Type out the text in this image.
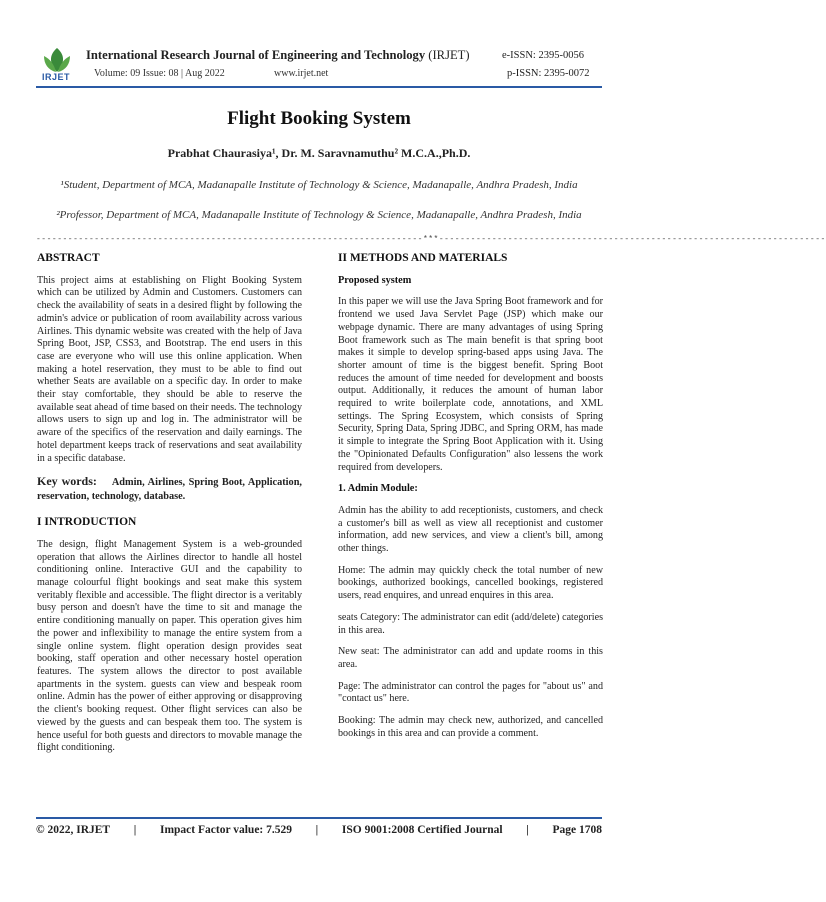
IRJET
International Research Journal of Engineering and Technology (IRJET)	e-ISSN: 2395-0056
Volume: 09 Issue: 08 | Aug 2022	www.irjet.net	p-ISSN: 2395-0072
Flight Booking System
Prabhat Chaurasiya¹, Dr. M. Saravnamuthu² M.C.A.,Ph.D.
¹Student, Department of MCA, Madanapalle Institute of Technology & Science, Madanapalle, Andhra Pradesh, India
²Professor, Department of MCA, Madanapalle Institute of Technology & Science, Madanapalle, Andhra Pradesh, India
-------------------------------------------------------------------------***-------------------------------------------------------------------------
ABSTRACT
This project aims at establishing on Flight Booking System which can be utilized by Admin and Customers. Customers can check the availability of seats in a desired flight by following the admin's advice or publication of room availability across various Airlines. This dynamic website was created with the help of Java Spring Boot, JSP, CSS3, and Bootstrap. The end users in this case are everyone who will use this online application. When making a hotel reservation, they must to be able to find out whether Seats are available on a specific day. In order to make their stay comfortable, they should be able to reserve the available seat ahead of time based on their needs. The technology allows users to sign up and log in. The administrator will be aware of the specifics of the reservation and daily earnings. The hotel department keeps track of reservations and seat availability in a specific database.
Key words: Admin, Airlines, Spring Boot, Application, reservation, technology, database.
I INTRODUCTION
The design, flight Management System is a web-grounded operation that allows the Airlines director to handle all hostel conditioning online. Interactive GUI and the capability to manage colourful flight bookings and seat make this system veritably flexible and accessible. The flight director is a veritably busy person and doesn't have the time to sit and manage the entire conditioning manually on paper. This operation gives him the power and inflexibility to manage the entire system from a single online system. flight operation design provides seat booking, staff operation and other necessary hostel operation features. The system allows the director to post available apartments in the system. guests can view and bespeak room online. Admin has the power of either approving or disapproving the client's booking request. Other flight services can also be viewed by the guests and can bespeak them too. The system is hence useful for both guests and directors to movable manage the flight conditioning.
II METHODS AND MATERIALS
Proposed system
In this paper we will use the Java Spring Boot framework and for frontend we used Java Servlet Page (JSP) which make our webpage dynamic. There are many advantages of using Spring Boot framework such as The main benefit is that spring boot makes it simple to develop spring-based apps using Java. The shorter amount of time is the biggest benefit. Spring Boot reduces the amount of time needed for development and boosts output. Additionally, it reduces the amount of human labor required to write boilerplate code, annotations, and XML settings. The Spring Ecosystem, which consists of Spring Security, Spring Data, Spring JDBC, and Spring ORM, has made it simple to integrate the Spring Boot Application with it. Using the "Opinionated Defaults Configuration" also lessens the work required from developers.
1. Admin Module:
Admin has the ability to add receptionists, customers, and check a customer's bill as well as view all receptionist and customer information, add new services, and view a client's bill, among other things.
Home: The admin may quickly check the total number of new bookings, authorized bookings, cancelled bookings, registered users, read enquires, and unread enquires in this area.
seats Category: The administrator can edit (add/delete) categories in this area.
New seat: The administrator can add and update rooms in this area.
Page: The administrator can control the pages for "about us" and "contact us" here.
Booking: The admin may check new, authorized, and cancelled bookings in this area and can provide a comment.
© 2022, IRJET | Impact Factor value: 7.529 | ISO 9001:2008 Certified Journal | Page 1708
